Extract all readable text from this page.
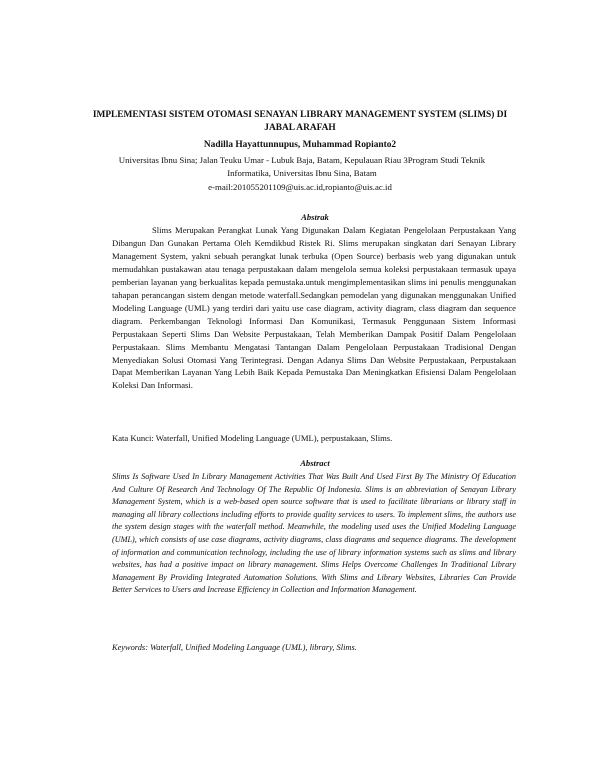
IMPLEMENTASI SISTEM OTOMASI SENAYAN LIBRARY MANAGEMENT SYSTEM (SLIMS) DI JABAL ARAFAH
Nadilla Hayattunnupus, Muhammad Ropianto2
Universitas Ibnu Sina; Jalan Teuku Umar - Lubuk Baja, Batam, Kepulauan Riau 3Program Studi Teknik Informatika, Universitas Ibnu Sina, Batam
e-mail:201055201109@uis.ac.id,ropianto@uis.ac.id
Abstrak
Slims Merupakan Perangkat Lunak Yang Digunakan Dalam Kegiatan Pengelolaan Perpustakaan Yang Dibangun Dan Gunakan Pertama Oleh Kemdikbud Ristek Ri. Slims merupakan singkatan dari Senayan Library Management System, yakni sebuah perangkat lunak terbuka (Open Source) berbasis web yang digunakan untuk memudahkan pustakawan atau tenaga perpustakaan dalam mengelola semua koleksi perpustakaan termasuk upaya pemberian layanan yang berkualitas kepada pemustaka.untuk mengimplementasikan slims ini penulis menggunakan tahapan perancangan sistem dengan metode waterfall.Sedangkan pemodelan yang digunakan menggunakan Unified Modeling Language (UML) yang terdiri dari yaitu use case diagram, activity diagram, class diagram dan sequence diagram. Perkembangan Teknologi Informasi Dan Komunikasi, Termasuk Penggunaan Sistem Informasi Perpustakaan Seperti Slims Dan Website Perpustakaan, Telah Memberikan Dampak Positif Dalam Pengelolaan Perpustakaan. Slims Membantu Mengatasi Tantangan Dalam Pengelolaan Perpustakaan Tradisional Dengan Menyediakan Solusi Otomasi Yang Terintegrasi. Dengan Adanya Slims Dan Website Perpustakaan, Perpustakaan Dapat Memberikan Layanan Yang Lebih Baik Kepada Pemustaka Dan Meningkatkan Efisiensi Dalam Pengelolaan Koleksi Dan Informasi.
Kata Kunci: Waterfall, Unified Modeling Language (UML), perpustakaan, Slims.
Abstract
Slims Is Software Used In Library Management Activities That Was Built And Used First By The Ministry Of Education And Culture Of Research And Technology Of The Republic Of Indonesia. Slims is an abbreviation of Senayan Library Management System, which is a web-based open source software that is used to facilitate librarians or library staff in managing all library collections including efforts to provide quality services to users. To implement slims, the authors use the system design stages with the waterfall method. Meanwhile, the modeling used uses the Unified Modeling Language (UML), which consists of use case diagrams, activity diagrams, class diagrams and sequence diagrams. The development of information and communication technology, including the use of library information systems such as slims and library websites, has had a positive impact on library management. Slims Helps Overcome Challenges In Traditional Library Management By Providing Integrated Automation Solutions. With Slims and Library Websites, Libraries Can Provide Better Services to Users and Increase Efficiency in Collection and Information Management.
Keywords: Waterfall, Unified Modeling Language (UML), library, Slims.
